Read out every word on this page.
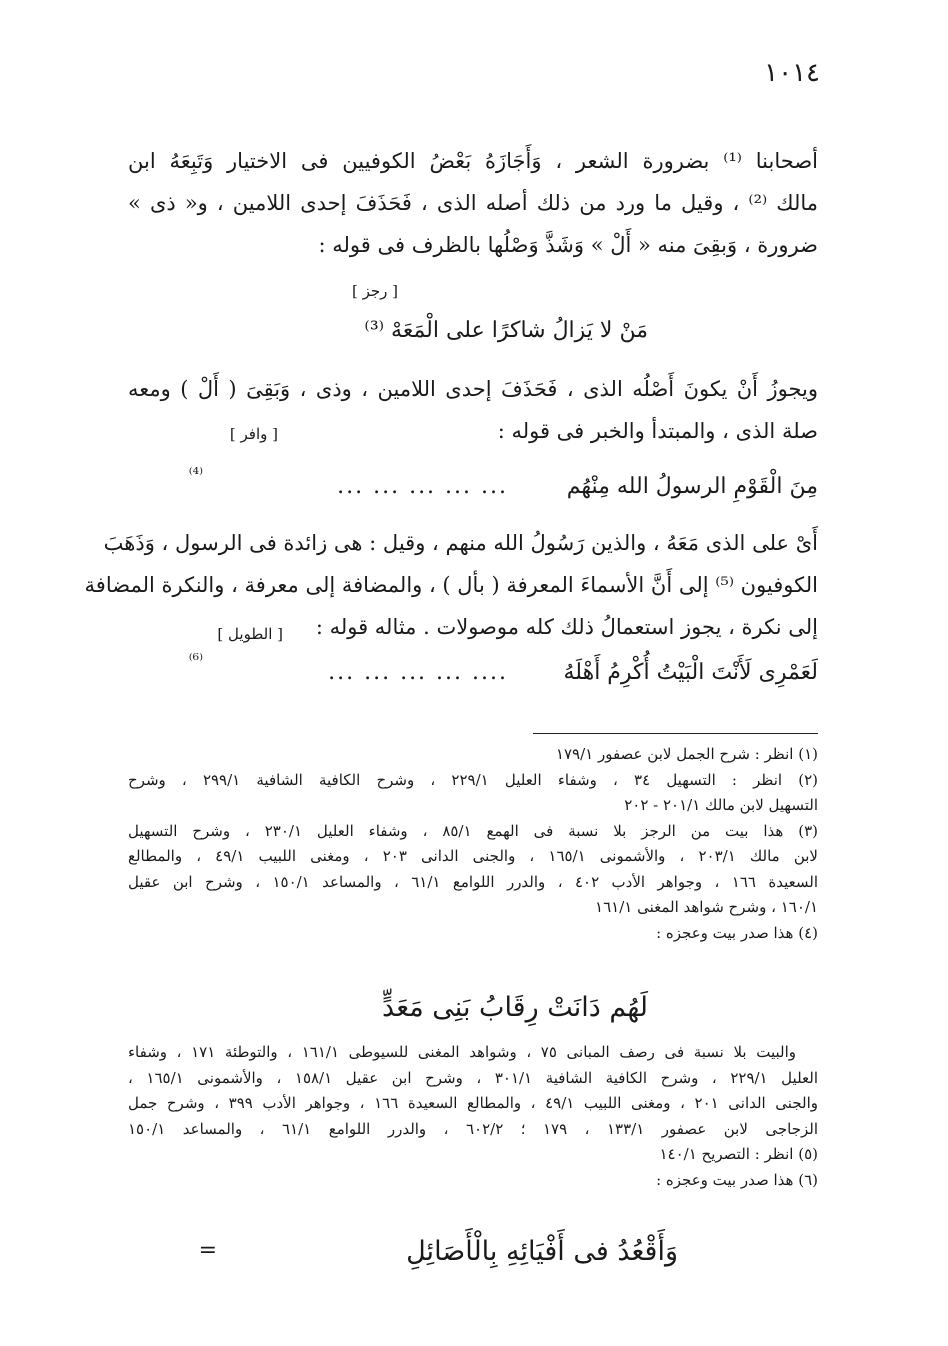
١٠١٤
أصحابنا ⁽¹⁾ بضرورة الشعر ، وَأَجَازَهُ بَعْضُ الكوفيين فى الاختيار وَتَبِعَهُ ابن
مالك ⁽²⁾ ، وقيل ما ورد من ذلك أصله الذى ، فَحَذَفَ إحدى اللامين ، و« ذى »
ضرورة ، وَبقِىَ منه « أَلْ » وَشَذَّ وَصْلُها بالظرف فى قوله :
[ رجز ]
مَنْ لا يَزالُ شاكرًا على الْمَعَهْ ⁽³⁾
ويجوزُ أَنْ يكونَ أَصْلُه الذى ، فَحَذَفَ إحدى اللامين ، وذى ، وَبَقِىَ ( أَلْ ) ومعه
صلة الذى ، والمبتدأ والخبر فى قوله :
[ وافر ]
مِنَ الْقَوْمِ الرسولُ الله مِنْهُم
... ... ... ... ...
⁽⁴⁾
أَىْ على الذى مَعَهُ ، والذين رَسُولُ الله منهم ، وقيل : هى زائدة فى الرسول ، وَذَهَبَ
الكوفيون ⁽⁵⁾ إلى أَنَّ الأسماءَ المعرفة ( بأل ) ، والمضافة إلى معرفة ، والنكرة المضافة
إلى نكرة ، يجوز استعمالُ ذلك كله موصولات . مثاله قوله :
[ الطويل ]
لَعَمْرِى لَأَنْتَ الْبَيْتُ أُكْرِمُ أَهْلَهُ
.... ... ... ... ...
⁽⁶⁾
(١) انظر : شرح الجمل لابن عصفور ١٧٩/١
(٢) انظر : التسهيل ٣٤ ، وشفاء العليل ٢٢٩/١ ، وشرح الكافية الشافية ٢٩٩/١ ، وشرح
التسهيل لابن مالك ٢٠١/١ - ٢٠٢
(٣) هذا بيت من الرجز بلا نسبة فى الهمع ٨٥/١ ، وشفاء العليل ٢٣٠/١ ، وشرح التسهيل
لابن مالك ٢٠٣/١ ، والأشمونى ١٦٥/١ ، والجنى الدانى ٢٠٣ ، ومغنى اللبيب ٤٩/١ ، والمطالع
السعيدة ١٦٦ ، وجواهر الأدب ٤٠٢ ، والدرر اللوامع ٦١/١ ، والمساعد ١٥٠/١ ، وشرح ابن عقيل
١٦٠/١ ، وشرح شواهد المغنى ١٦١/١
(٤) هذا صدر بيت وعجزه :
لَهُم دَانَتْ رِقَابُ بَنِى مَعَدٍّ
والبيت بلا نسبة فى رصف المبانى ٧٥ ، وشواهد المغنى للسيوطى ١٦١/١ ، والتوطئة ١٧١ ، وشفاء
العليل ٢٢٩/١ ، وشرح الكافية الشافية ٣٠١/١ ، وشرح ابن عقيل ١٥٨/١ ، والأشمونى ١٦٥/١ ،
والجنى الدانى ٢٠١ ، ومغنى اللبيب ٤٩/١ ، والمطالع السعيدة ١٦٦ ، وجواهر الأدب ٣٩٩ ، وشرح جمل
الزجاجى لابن عصفور ١٣٣/١ ، ١٧٩ ؛ ٦٠٢/٢ ، والدرر اللوامع ٦١/١ ، والمساعد ١٥٠/١
(٥) انظر : التصريح ١٤٠/١
(٦) هذا صدر بيت وعجزه :
وَأَقْعُدُ فى أَفْيَائِهِ بِالْأَصَائِلِ
=
